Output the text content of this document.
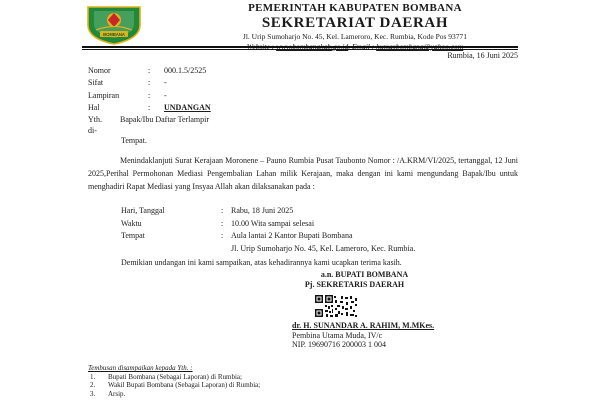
BOMBANA
PEMERINTAH KABUPATEN BOMBANA
SEKRETARIAT DAERAH
Jl. Urip Sumoharjo No. 45, Kel. Lameroro, Kec. Rumbia, Kode Pos 93771
Website : www.bombanakab.go.id. Email : humasbombana@yahoo.com
Rumbia, 16 Juni 2025
Nomor	:	000.1.5/2525
Sifat	:	-
Lampiran	:	-
Hal	:	UNDANGAN
Yth.	Bapak/Ibu Daftar Terlampir
di-
Tempat.
Menindaklanjuti Surat Kerajaan Moronene – Pauno Rumbia Pusat Taubonto Nomor : /A.KRM/VI/2025, tertanggal, 12 Juni 2025,Perihal Permohonan Mediasi Pengembalian Lahan milik Kerajaan, maka dengan ini kami mengundang Bapak/Ibu untuk menghadiri Rapat Mediasi yang Insyaa Allah akan dilaksanakan pada :
Hari, Tanggal	: Rabu, 18 Juni 2025
Waktu	: 10.00 Wita sampai selesai
Tempat	: Aula lantai 2 Kantor Bupati Bombana
Jl. Urip Sumoharjo No. 45, Kel. Lameroro, Kec. Rumbia.
Demikian undangan ini kami sampaikan, atas kehadirannya kami ucapkan terima kasih.
a.n. BUPATI BOMBANA
Pj. SEKRETARIS DAERAH
dr. H. SUNANDAR A. RAHIM, M.MKes.
Pembina Utama Muda, IV/c
NIP. 19690716 200003 1 004
Tembusan disampaikan kepada Yth. :
1.	Bupati Bombana (Sebagai Laporan) di Rumbia;
2.	Wakil Bupati Bombana (Sebagai Laporan) di Rumbia;
3.	Arsip.
